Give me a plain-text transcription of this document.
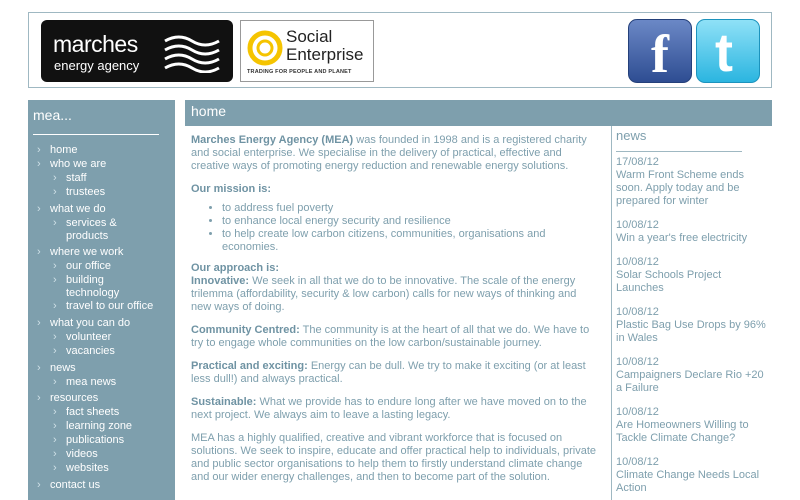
marches
energy agency
Social
Enterprise
TRADING FOR PEOPLE AND PLANET	f t
mea...
› home
› who we are
› staff
› trustees
› what we do
› services & products
› where we work
› our office
› building technology
› travel to our office
› what you can do
› volunteer
› vacancies
› news
› mea news
› resources
› fact sheets
› learning zone
› publications
› videos
› websites
› contact us
home

Marches Energy Agency (MEA) was founded in 1998 and is a registered charity and social enterprise. We specialise in the delivery of practical, effective and creative ways of promoting energy reduction and renewable energy solutions.

Our mission is:

• to address fuel poverty
• to enhance local energy security and resilience
• to help create low carbon citizens, communities, organisations and economies.

Our approach is:
Innovative: We seek in all that we do to be innovative. The scale of the energy trilemma (affordability, security & low carbon) calls for new ways of thinking and new ways of doing.

Community Centred: The community is at the heart of all that we do. We have to try to engage whole communities on the low carbon/sustainable journey.

Practical and exciting: Energy can be dull. We try to make it exciting (or at least less dull!) and always practical.

Sustainable: What we provide has to endure long after we have moved on to the next project. We always aim to leave a lasting legacy.

MEA has a highly qualified, creative and vibrant workforce that is focused on solutions. We seek to inspire, educate and offer practical help to individuals, private and public sector organisations to help them to firstly understand climate change and our wider energy challenges, and then to become part of the solution.

news
17/08/12
Warm Front Scheme ends soon. Apply today and be prepared for winter
10/08/12
Win a year's free electricity
10/08/12
Solar Schools Project Launches
10/08/12
Plastic Bag Use Drops by 96% in Wales
10/08/12
Campaigners Declare Rio +20 a Failure
10/08/12
Are Homeowners Willing to Tackle Climate Change?
10/08/12
Climate Change Needs Local Action
